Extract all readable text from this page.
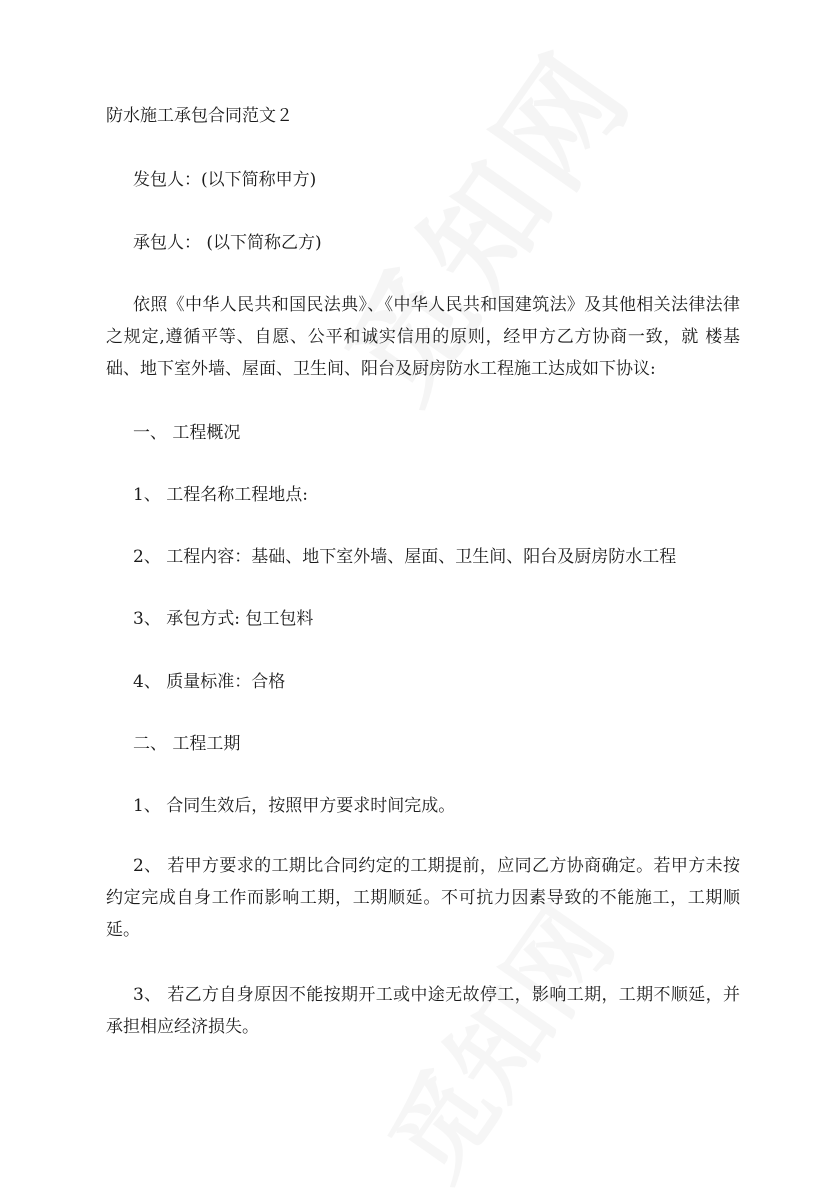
防水施工承包合同范文２
发包人：(以下简称甲方)
承包人： (以下简称乙方)
依照《中华人民共和国民法典》、《中华人民共和国建筑法》及其他相关法律法律之规定,遵循平等、自愿、公平和诚实信用的原则，经甲方乙方协商一致，就 楼基础、地下室外墙、屋面、卫生间、阳台及厨房防水工程施工达成如下协议:
一、 工程概况
1、 工程名称工程地点:
2、 工程内容：基础、地下室外墙、屋面、卫生间、阳台及厨房防水工程
3、 承包方式: 包工包料
4、 质量标准：合格
二、 工程工期
1、 合同生效后，按照甲方要求时间完成。
2、 若甲方要求的工期比合同约定的工期提前，应同乙方协商确定。若甲方未按约定完成自身工作而影响工期，工期顺延。不可抗力因素导致的不能施工，工期顺延。
3、 若乙方自身原因不能按期开工或中途无故停工，影响工期，工期不顺延，并承担相应经济损失。
